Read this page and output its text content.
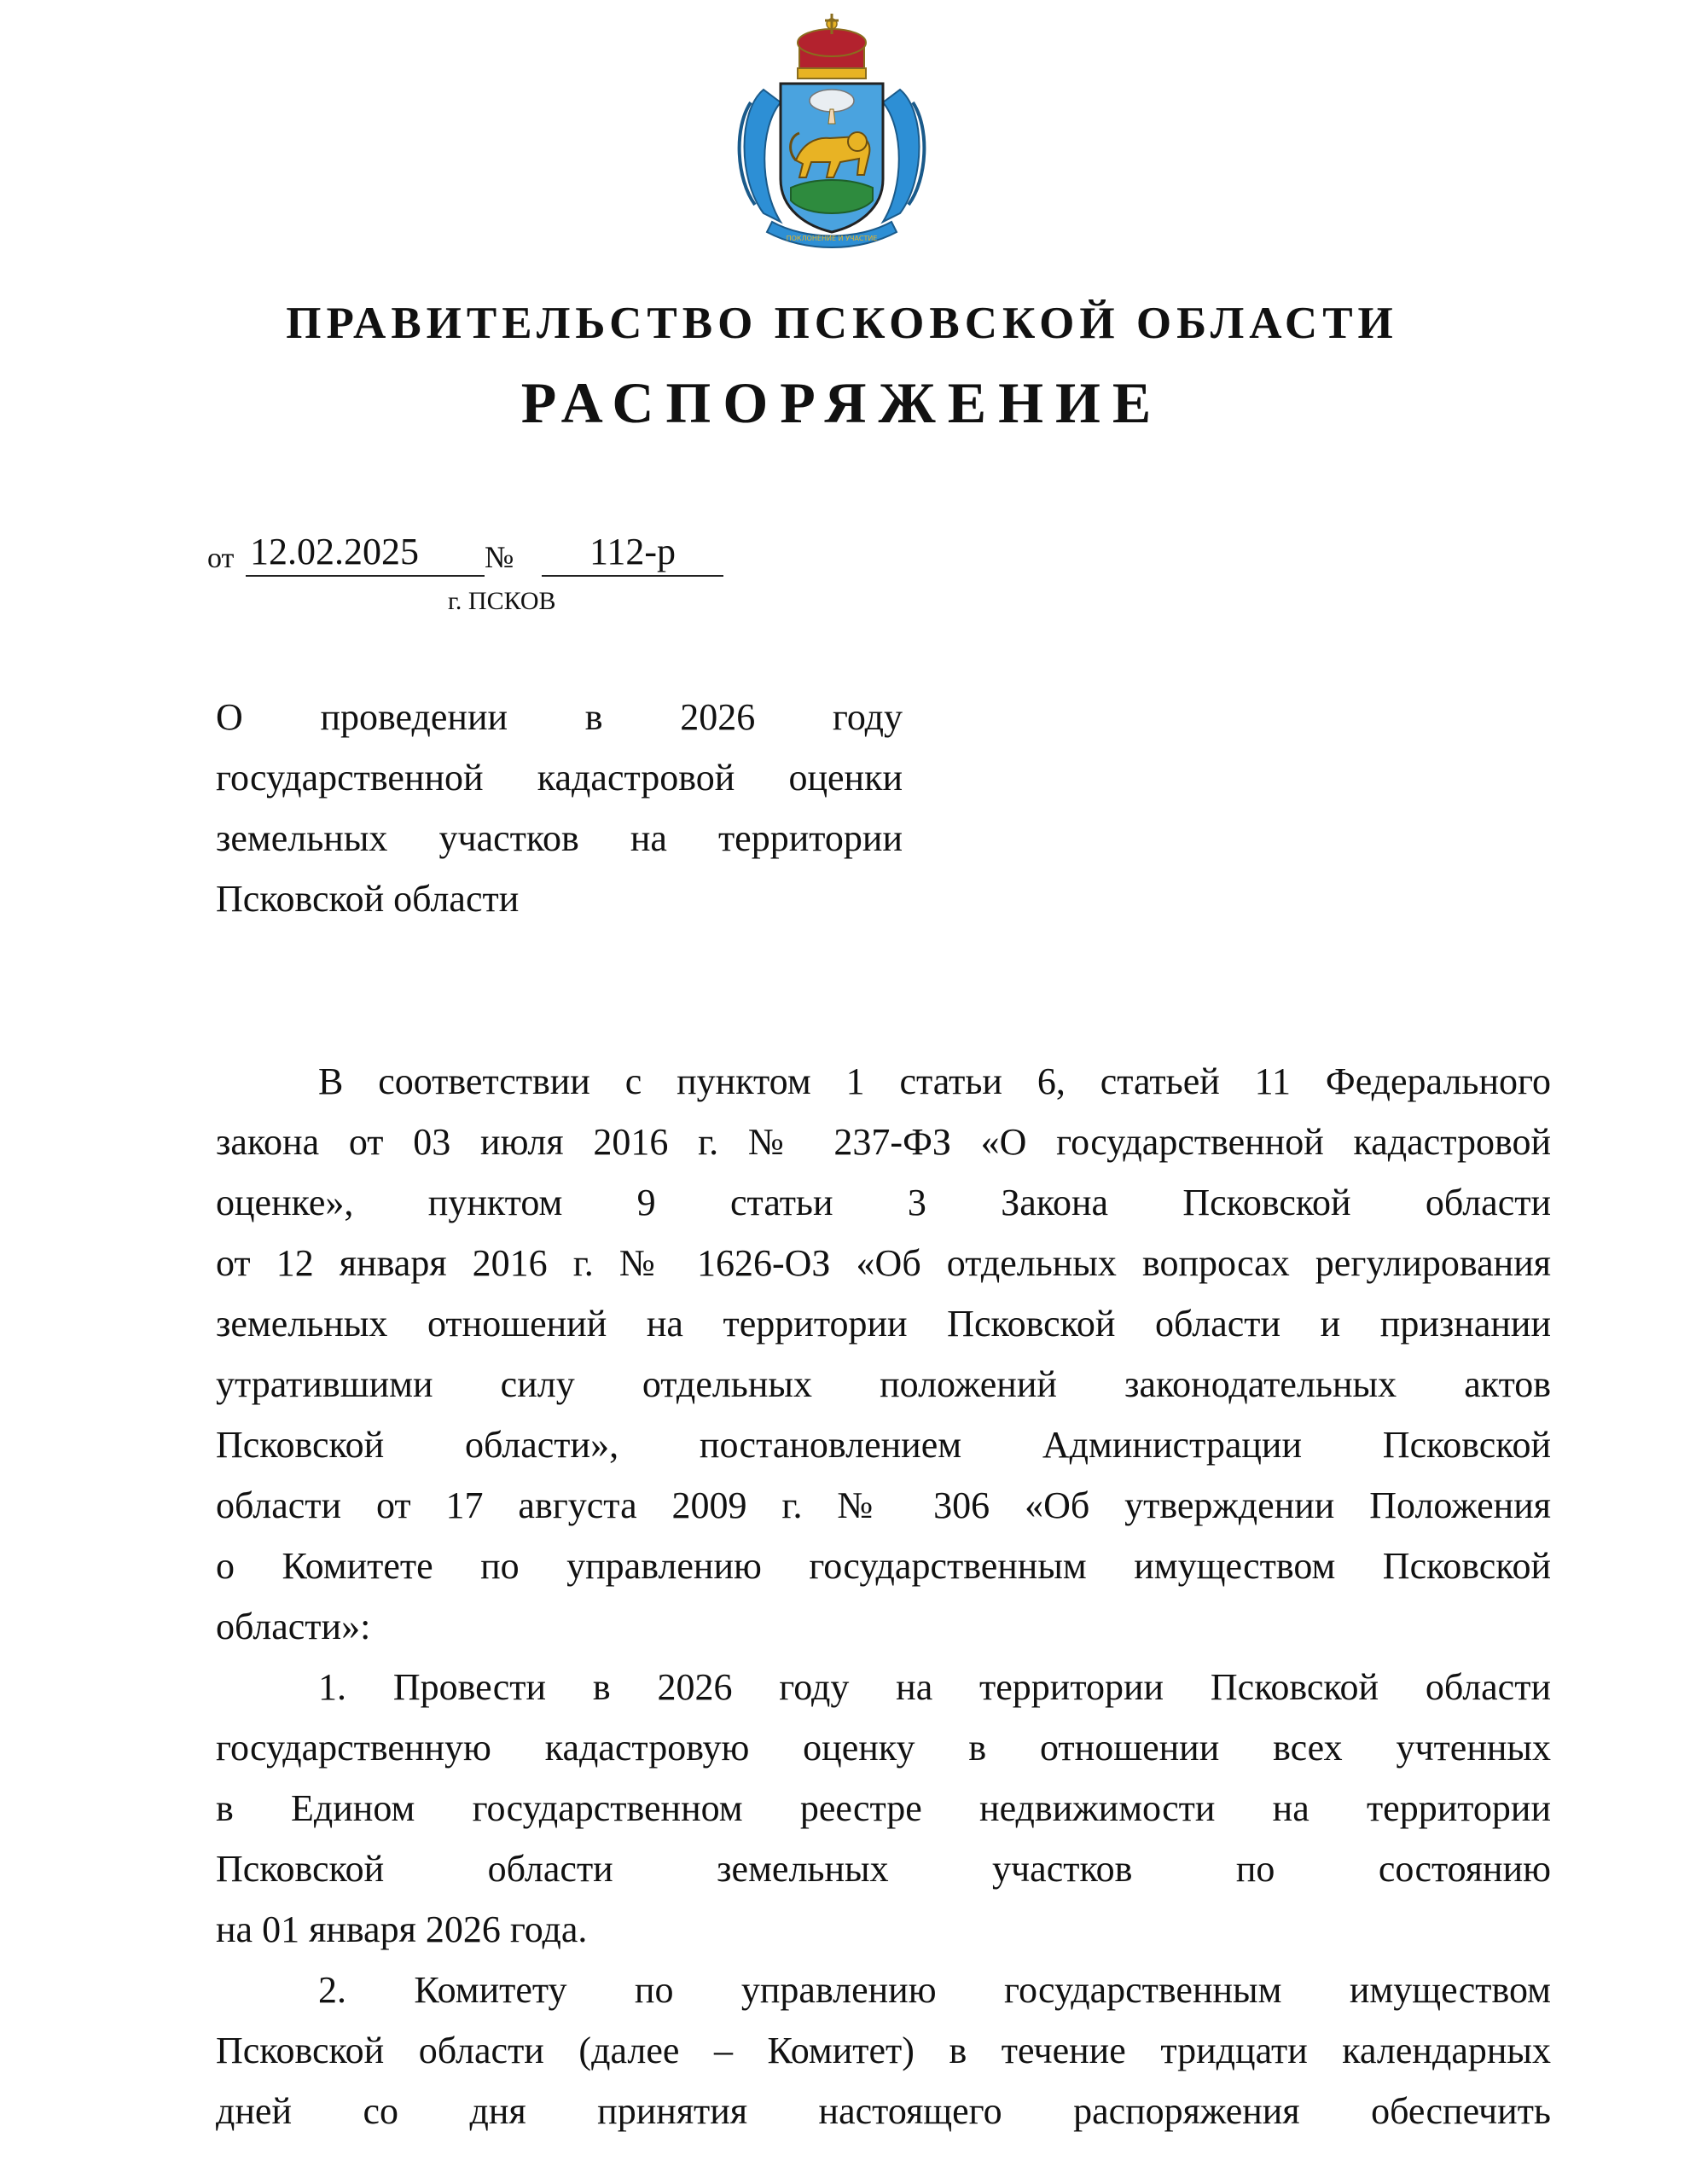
ПОКЛОНЕНИЕ И УЧАСТИЕ
ПРАВИТЕЛЬСТВО ПСКОВСКОЙ ОБЛАСТИ
РАСПОРЯЖЕНИЕ
от 12.02.2025	№	112-р
г. ПСКОВ
О проведении в 2026 году
государственной кадастровой оценки
земельных участков на территории
Псковской области
В соответствии с пунктом 1 статьи 6, статьей 11 Федерального
закона от 03 июля 2016 г. № 237-ФЗ «О государственной кадастровой
оценке», пунктом 9 статьи 3 Закона Псковской области
от 12 января 2016 г. № 1626-ОЗ «Об отдельных вопросах регулирования
земельных отношений на территории Псковской области и признании
утратившими силу отдельных положений законодательных актов
Псковской области», постановлением Администрации Псковской
области от 17 августа 2009 г. № 306 «Об утверждении Положения
о Комитете по управлению государственным имуществом Псковской
области»:
1. Провести в 2026 году на территории Псковской области
государственную кадастровую оценку в отношении всех учтенных
в Едином государственном реестре недвижимости на территории
Псковской области земельных участков по состоянию
на 01 января 2026 года.
2. Комитету по управлению государственным имуществом
Псковской области (далее – Комитет) в течение тридцати календарных
дней со дня принятия настоящего распоряжения обеспечить
